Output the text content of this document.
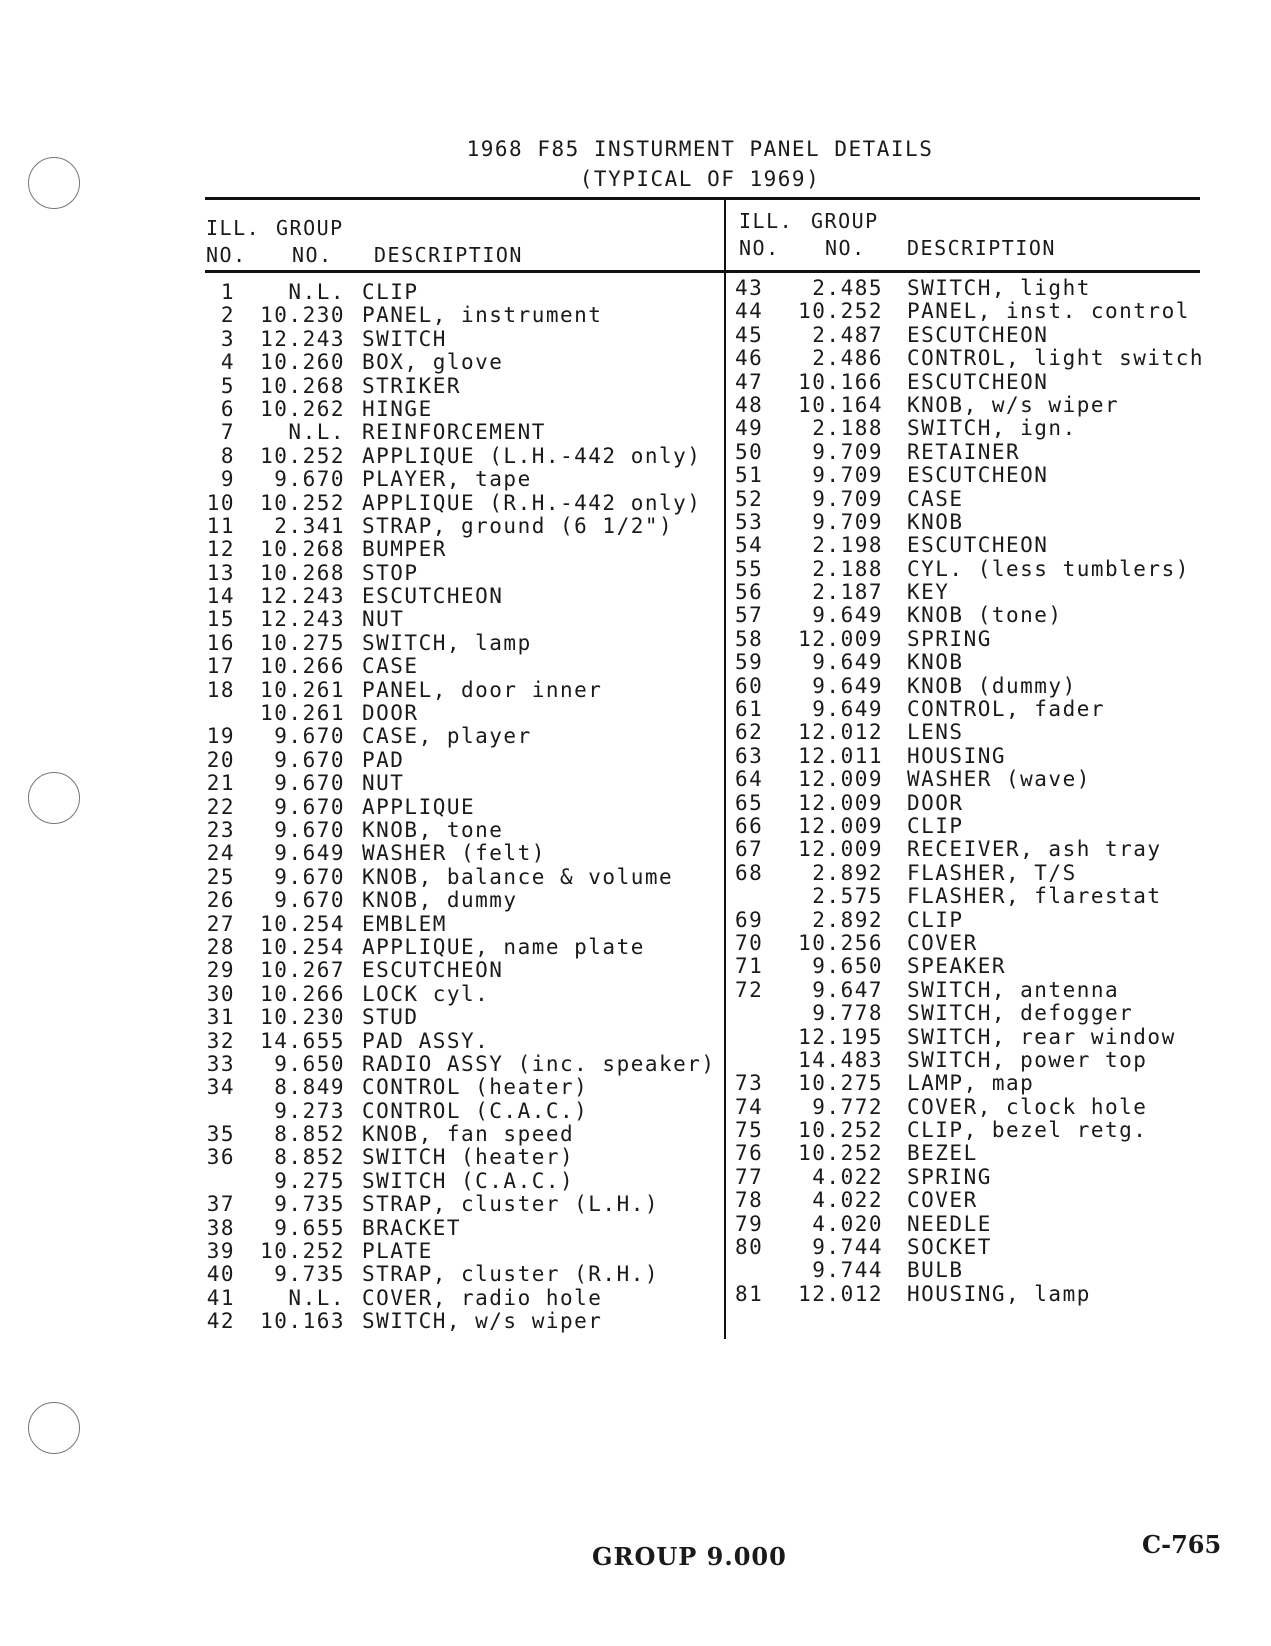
1968 F85 INSTURMENT PANEL DETAILS
(TYPICAL OF 1969)
ILL.
NO.
GROUP
NO. DESCRIPTION
ILL.
NO.
GROUP
NO. DESCRIPTION
1	N.L. CLIP
2	10.230 PANEL, instrument
3	12.243 SWITCH
4	10.260 BOX, glove
5	10.268 STRIKER
6	10.262 HINGE
7	N.L. REINFORCEMENT
8	10.252 APPLIQUE (L.H.-442 only)
9	9.670 PLAYER, tape
10	10.252 APPLIQUE (R.H.-442 only)
11	2.341 STRAP, ground (6 1/2")
12	10.268 BUMPER
13	10.268 STOP
14	12.243 ESCUTCHEON
15	12.243 NUT
16	10.275 SWITCH, lamp
17	10.266 CASE
18	10.261 PANEL, door inner
10.261 DOOR
19	9.670 CASE, player
20	9.670 PAD
21	9.670 NUT
22	9.670 APPLIQUE
23	9.670 KNOB, tone
24	9.649 WASHER (felt)
25	9.670 KNOB, balance & volume
26	9.670 KNOB, dummy
27	10.254 EMBLEM
28	10.254 APPLIQUE, name plate
29	10.267 ESCUTCHEON
30	10.266 LOCK cyl.
31	10.230 STUD
32	14.655 PAD ASSY.
33	9.650 RADIO ASSY (inc. speaker)
34	8.849 CONTROL (heater)
9.273 CONTROL (C.A.C.)
35	8.852 KNOB, fan speed
36	8.852 SWITCH (heater)
9.275 SWITCH (C.A.C.)
37	9.735 STRAP, cluster (L.H.)
38	9.655 BRACKET
39	10.252 PLATE
40	9.735 STRAP, cluster (R.H.)
41	N.L. COVER, radio hole
42	10.163 SWITCH, w/s wiper
43	2.485 SWITCH, light
44	10.252 PANEL, inst. control
45	2.487 ESCUTCHEON
46	2.486 CONTROL, light switch
47	10.166 ESCUTCHEON
48	10.164 KNOB, w/s wiper
49	2.188 SWITCH, ign.
50	9.709 RETAINER
51	9.709 ESCUTCHEON
52	9.709 CASE
53	9.709 KNOB
54	2.198 ESCUTCHEON
55	2.188 CYL. (less tumblers)
56	2.187 KEY
57	9.649 KNOB (tone)
58	12.009 SPRING
59	9.649 KNOB
60	9.649 KNOB (dummy)
61	9.649 CONTROL, fader
62	12.012 LENS
63	12.011 HOUSING
64	12.009 WASHER (wave)
65	12.009 DOOR
66	12.009 CLIP
67	12.009 RECEIVER, ash tray
68	2.892 FLASHER, T/S
2.575 FLASHER, flarestat
69	2.892 CLIP
70	10.256 COVER
71	9.650 SPEAKER
72	9.647 SWITCH, antenna
9.778 SWITCH, defogger
12.195 SWITCH, rear window
14.483 SWITCH, power top
73	10.275 LAMP, map
74	9.772 COVER, clock hole
75	10.252 CLIP, bezel retg.
76	10.252 BEZEL
77	4.022 SPRING
78	4.022 COVER
79	4.020 NEEDLE
80	9.744 SOCKET
9.744 BULB
81	12.012 HOUSING, lamp
GROUP 9.000	C-765
